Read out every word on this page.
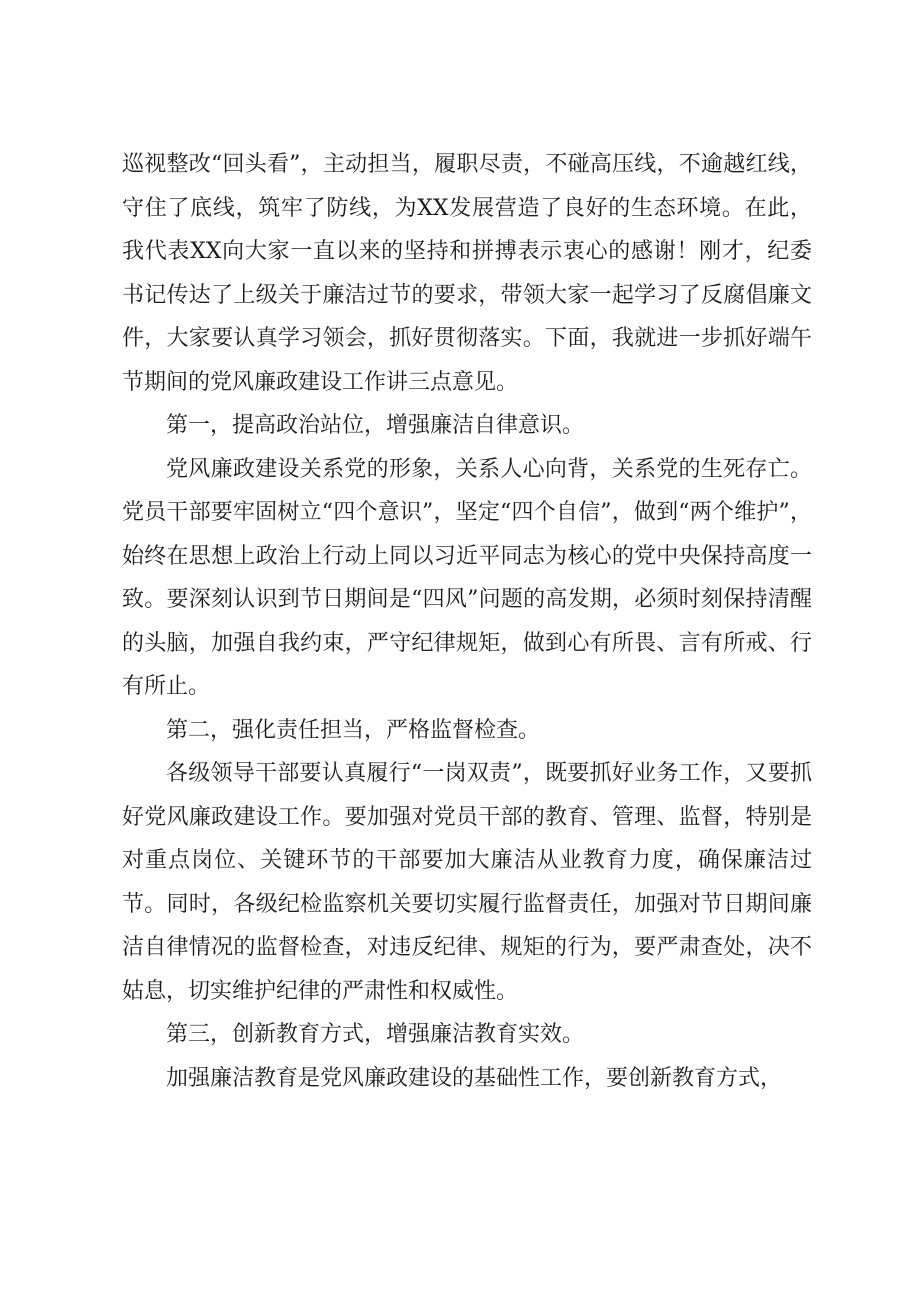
巡视整改“回头看”，主动担当，履职尽责，不碰高压线，不逾越红线，守住了底线，筑牢了防线，为XX发展营造了良好的生态环境。在此，我代表XX向大家一直以来的坚持和拼搏表示衷心的感谢！刚才，纪委书记传达了上级关于廉洁过节的要求，带领大家一起学习了反腐倡廉文件，大家要认真学习领会，抓好贯彻落实。下面，我就进一步抓好端午节期间的党风廉政建设工作讲三点意见。

第一，提高政治站位，增强廉洁自律意识。

党风廉政建设关系党的形象，关系人心向背，关系党的生死存亡。党员干部要牢固树立“四个意识”，坚定“四个自信”，做到“两个维护”，始终在思想上政治上行动上同以习近平同志为核心的党中央保持高度一致。要深刻认识到节日期间是“四风”问题的高发期，必须时刻保持清醒的头脑，加强自我约束，严守纪律规矩，做到心有所畏、言有所戒、行有所止。

第二，强化责任担当，严格监督检查。

各级领导干部要认真履行“一岗双责”，既要抓好业务工作，又要抓好党风廉政建设工作。要加强对党员干部的教育、管理、监督，特别是对重点岗位、关键环节的干部要加大廉洁从业教育力度，确保廉洁过节。同时，各级纪检监察机关要切实履行监督责任，加强对节日期间廉洁自律情况的监督检查，对违反纪律、规矩的行为，要严肃查处，决不姑息，切实维护纪律的严肃性和权威性。

第三，创新教育方式，增强廉洁教育实效。

加强廉洁教育是党风廉政建设的基础性工作，要创新教育方式，
